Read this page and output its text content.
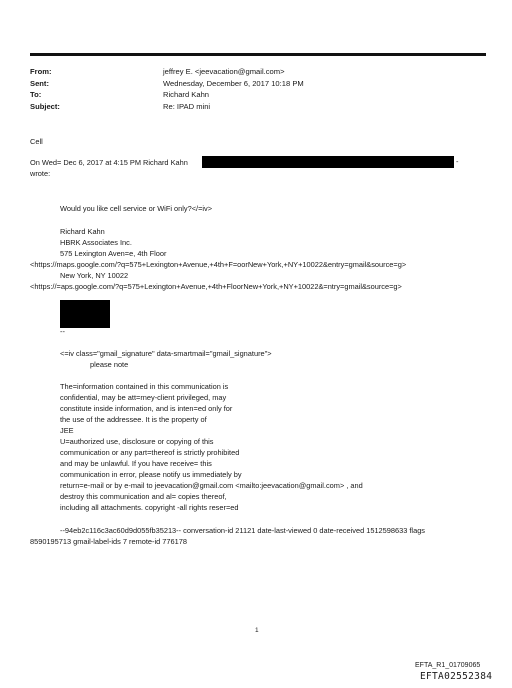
From:	jeffrey E. <jeevacation@gmail.com>
Sent:	Wednesday, December 6, 2017 10:18 PM
To:	Richard Kahn
Subject:	Re: IPAD mini
Cell
On Wed= Dec 6, 2017 at 4:15 PM Richard Kahn	-
wrote:
Would you like cell service or WiFi only?</=iv>
Richard Kahn
HBRK Associates Inc.
575 Lexington Aven=e, 4th Floor
<https://maps.google.com/?q=575+Lexington+Avenue,+4th+F=oorNew+York,+NY+10022&entry=gmail&source=g>
New York, NY 10022
<https://=aps.google.com/?q=575+Lexington+Avenue,+4th+FloorNew+York,+NY+10022&=ntry=gmail&source=g>
--
<=iv class="gmail_signature" data-smartmail="gmail_signature">
please note
The=information contained in this communication is
confidential, may be att=rney-client privileged, may
constitute inside information, and is inten=ed only for
the use of the addressee. It is the property of
JEE
U=authorized use, disclosure or copying of this
communication or any part=thereof is strictly prohibited
and may be unlawful. If you have receive= this
communication in error, please notify us immediately by
return=e-mail or by e-mail to jeevacation@gmail.com <mailto:jeevacation@gmail.com> , and
destroy this communication and al= copies thereof,
including all attachments. copyright -all rights reser=ed
--94eb2c116c3ac60d9d055fb35213-- conversation-id 21121 date-last-viewed 0 date-received 1512598633 flags
8590195713 gmail-label-ids 7 remote-id 776178
1
EFTA_R1_01709065
EFTA02552384
